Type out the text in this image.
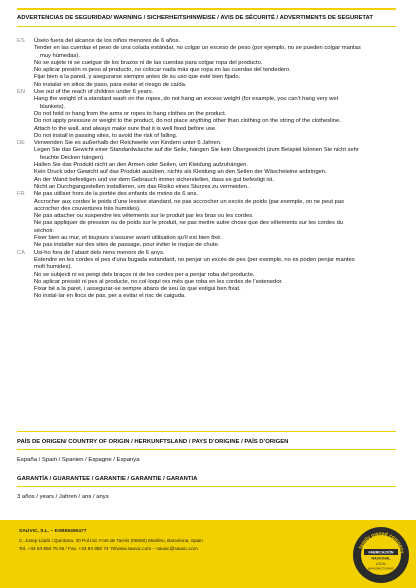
ADVERTENCIAS DE SEGURIDAD/ WARNING / SICHERHEITSHINWEISE / AVIS DE SÉCURITÉ / ADVERTIMENTS DE SEGURETAT
ES	Úselo fuera del alcance de los niños menores de 6 años.
Tender en las cuerdas el peso de una colada estándar, no colgar un exceso de peso (por ejemplo, no se pueden colgar mantas
muy húmedas).
No se sujete ni se cuelgue de los brazos ni de las cuerdas para colgar ropa del producto.
No aplicar presión ni peso al producto, no colocar nada más que ropa en las cuerdas del tendedero.
Fijar bien a la pared, y asegurarse siempre antes de su uso que esté bien fijado.
No instalar en sitios de paso, para evitar el riesgo de caída.
EN	Use out of the reach of children under 6 years.
Hang the weight of a standard wash on the ropes, do not hang an excess weight (for example, you can’t hang very wet
blankets).
Do not hold or hang from the arms or ropes to hang clothes on the product.
Do not apply pressure or weight to the product, do not place anything other than clothing on the string of the clothesline.
Attach to the wall, and always make sure that it is well fixed before use.
Do not install in passing sites, to avoid the risk of falling.
DE	Verwenden Sie es außerhalb der Reichweite von Kindern unter 6 Jahren.
Legen Sie das Gewicht einer Standardwäsche auf die Seile, hängen Sie kein Übergewicht (zum Beispiel können Sie nicht sehr
feuchte Decken hängen).
Halten Sie das Produkt nicht an den Armen oder Seilen, um Kleidung aufzuhängen.
Kein Druck oder Gewicht auf das Produkt ausüben, nichts als Kleidung an den Seilen der Wäscheleine anbringen.
An der Wand befestigen und vor dem Gebrauch immer sicherstellen, dass es gut befestigt ist.
Nicht an Durchgangsstellen installieren, um das Risiko eines Sturzes zu vermeiden..
FR	Ne pas utiliser hors de la portée des enfants de moins de 6 ans.
Accrocher aux cordes le poids d’une lessive standard, ne pas accrocher un excès de poids (par exemple, on ne peut pas
accrocher des couvertures très humides).
Ne pas attacher ou suspendre les vêtements sur le produit par les bras ou les cordes.
Ne pas appliquer de pression ou de poids sur le produit, ne pas mettre autre chose que des vêtements sur les cordes du
séchoir.
Fixer bien au mur, et toujours s’assurer avant utilisation qu’il est bien fixé.
Ne pas installer sur des sites de passage, pour éviter le risque de chute.
CA	Usi-ho fora de l’abast dels nens menors de 6 anys.
Estendre en les cordes el pes d’una bugada estàndard, no penjar un excés de pes (per exemple, no es poden penjar mantes
molt humides).
No se subjecti ni es pengi dels braços ni de les cordes per a penjar roba del producte.
No aplicar pressió ni pes al producte, no col·loqui res més que roba en les cordes de l’estenedor.
Fixar bé a la paret, i assegurar-se sempre abans de seu ús que estigui ben fixat.
No instal·lar en llocs de pas, per a evitar el risc de caiguda.
PAÍS DE ORIGEN/ COUNTRY OF ORIGIN / HERKUNFTSLAND / PAYS D’ORIGINE / PAÍS D’ORIGEN
España / Spain / Spanien / Espagne / Espanya
GARANTÍA / GUARANTEE / GARANTIE / GARANTIE / GARANTIA
3 años / years / Jahren / ans / anys
SAUVIC, S.L. – ESB59455477
C. Josep Lladó i Quintana, 30 Pol.Ind. Font de Tarrés (08560) Manlleu, Barcelona, Spain
Tel. +34 93 850 75 06 / Fax. +34 93 850 74 70/www.sauvic.com – sauvic@sauvic.com	family owned company
FABRICACIÓN
NACIONAL
LOCAL
MANUFACTURING
